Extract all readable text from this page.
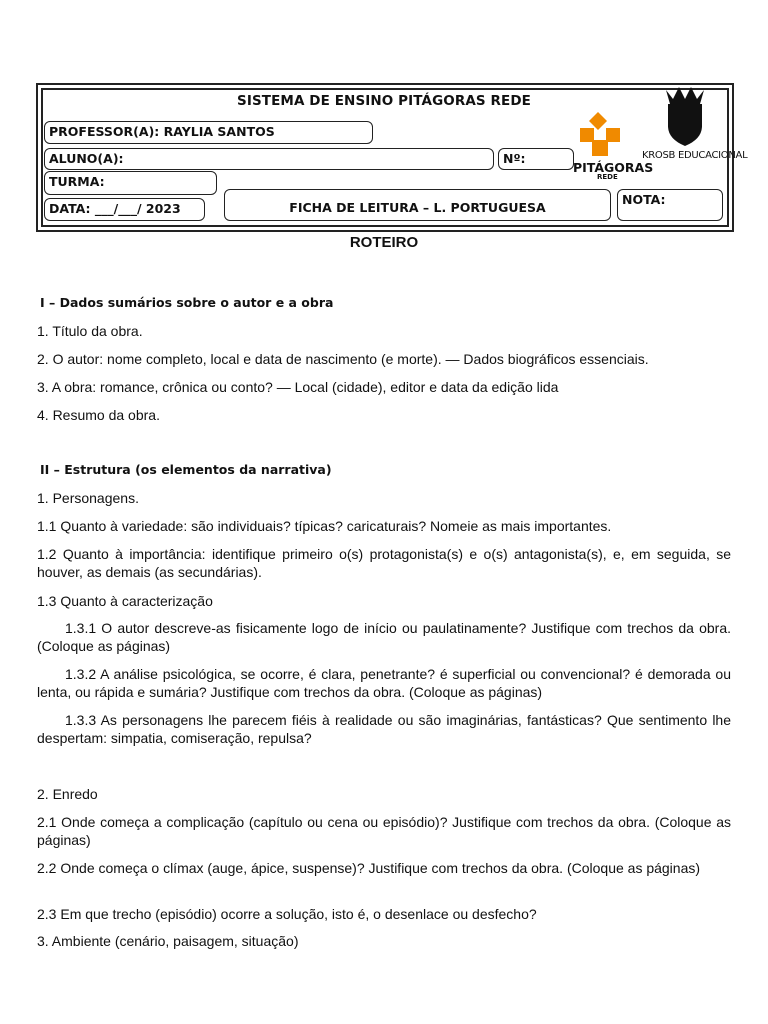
SISTEMA DE ENSINO PITÁGORAS REDE
PROFESSOR(A): RAYLIA SANTOS
ALUNO(A):	Nº:
TURMA:
DATA: ___/___/ 2023	FICHA DE LEITURA – L. PORTUGUESA
NOTA:
PITÁGORAS
REDE
KROSB EDUCACIONAL
ROTEIRO
I – Dados sumários sobre o autor e a obra
1. Título da obra.
2. O autor: nome completo, local e data de nascimento (e morte). — Dados biográficos essenciais.
3. A obra: romance, crônica ou conto? — Local (cidade), editor e data da edição lida
4. Resumo da obra.
II – Estrutura (os elementos da narrativa)
1. Personagens.
1.1 Quanto à variedade: são individuais? típicas? caricaturais? Nomeie as mais importantes.
1.2 Quanto à importância: identifique primeiro o(s) protagonista(s) e o(s) antagonista(s), e, em seguida, se houver, as demais (as secundárias).
1.3 Quanto à caracterização
1.3.1 O autor descreve-as fisicamente logo de início ou paulatinamente? Justifique com trechos da obra. (Coloque as páginas)
1.3.2 A análise psicológica, se ocorre, é clara, penetrante? é superficial ou convencional? é demorada ou lenta, ou rápida e sumária? Justifique com trechos da obra. (Coloque as páginas)
1.3.3 As personagens lhe parecem fiéis à realidade ou são imaginárias, fantásticas? Que sentimento lhe despertam: simpatia, comiseração, repulsa?
2. Enredo
2.1 Onde começa a complicação (capítulo ou cena ou episódio)? Justifique com trechos da obra. (Coloque as páginas)
2.2 Onde começa o clímax (auge, ápice, suspense)? Justifique com trechos da obra. (Coloque as páginas)
2.3 Em que trecho (episódio) ocorre a solução, isto é, o desenlace ou desfecho?
3. Ambiente (cenário, paisagem, situação)
